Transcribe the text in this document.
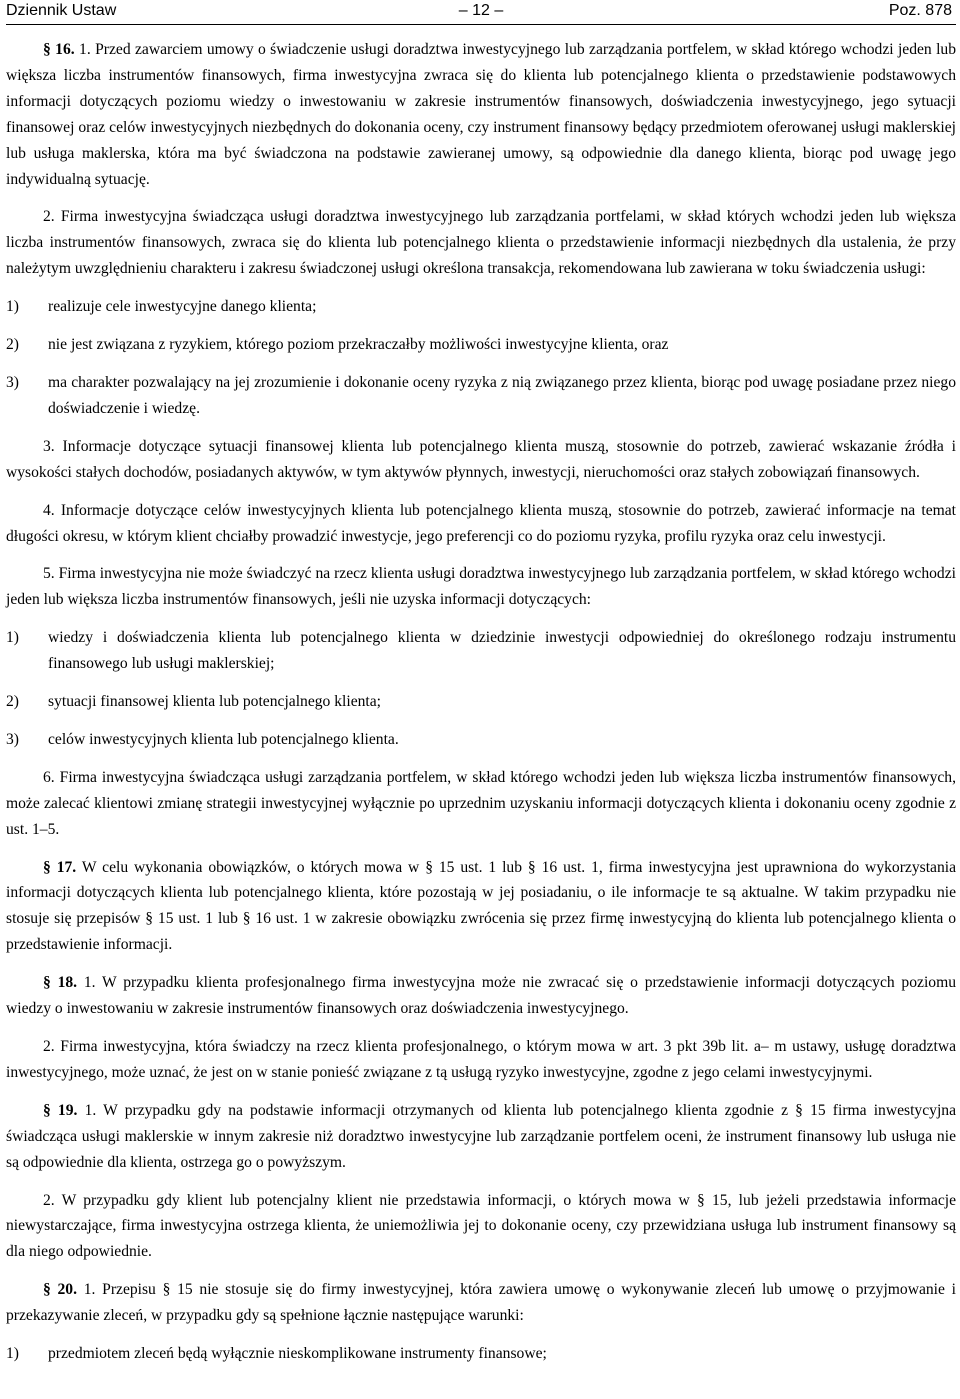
Dziennik Ustaw	– 12 –	Poz. 878

§ 16. 1. Przed zawarciem umowy o świadczenie usługi doradztwa inwestycyjnego lub zarządzania portfelem, w skład którego wchodzi jeden lub większa liczba instrumentów finansowych, firma inwestycyjna zwraca się do klienta lub potencjalnego klienta o przedstawienie podstawowych informacji dotyczących poziomu wiedzy o inwestowaniu w zakresie instrumentów finansowych, doświadczenia inwestycyjnego, jego sytuacji finansowej oraz celów inwestycyjnych niezbędnych do dokonania oceny, czy instrument finansowy będący przedmiotem oferowanej usługi maklerskiej lub usługa maklerska, która ma być świadczona na podstawie zawieranej umowy, są odpowiednie dla danego klienta, biorąc pod uwagę jego indywidualną sytuację.

2. Firma inwestycyjna świadcząca usługi doradztwa inwestycyjnego lub zarządzania portfelami, w skład których wchodzi jeden lub większa liczba instrumentów finansowych, zwraca się do klienta lub potencjalnego klienta o przedstawienie informacji niezbędnych dla ustalenia, że przy należytym uwzględnieniu charakteru i zakresu świadczonej usługi określona transakcja, rekomendowana lub zawierana w toku świadczenia usługi:

1)	realizuje cele inwestycyjne danego klienta;
2)	nie jest związana z ryzykiem, którego poziom przekraczałby możliwości inwestycyjne klienta, oraz
3)	ma charakter pozwalający na jej zrozumienie i dokonanie oceny ryzyka z nią związanego przez klienta, biorąc pod uwagę posiadane przez niego doświadczenie i wiedzę.

3. Informacje dotyczące sytuacji finansowej klienta lub potencjalnego klienta muszą, stosownie do potrzeb, zawierać wskazanie źródła i wysokości stałych dochodów, posiadanych aktywów, w tym aktywów płynnych, inwestycji, nieruchomości oraz stałych zobowiązań finansowych.

4. Informacje dotyczące celów inwestycyjnych klienta lub potencjalnego klienta muszą, stosownie do potrzeb, zawierać informacje na temat długości okresu, w którym klient chciałby prowadzić inwestycje, jego preferencji co do poziomu ryzyka, profilu ryzyka oraz celu inwestycji.

5. Firma inwestycyjna nie może świadczyć na rzecz klienta usługi doradztwa inwestycyjnego lub zarządzania portfelem, w skład którego wchodzi jeden lub większa liczba instrumentów finansowych, jeśli nie uzyska informacji dotyczących:

1)	wiedzy i doświadczenia klienta lub potencjalnego klienta w dziedzinie inwestycji odpowiedniej do określonego rodzaju instrumentu finansowego lub usługi maklerskiej;
2)	sytuacji finansowej klienta lub potencjalnego klienta;
3)	celów inwestycyjnych klienta lub potencjalnego klienta.

6. Firma inwestycyjna świadcząca usługi zarządzania portfelem, w skład którego wchodzi jeden lub większa liczba instrumentów finansowych, może zalecać klientowi zmianę strategii inwestycyjnej wyłącznie po uprzednim uzyskaniu informacji dotyczących klienta i dokonaniu oceny zgodnie z ust. 1–5.

§ 17. W celu wykonania obowiązków, o których mowa w § 15 ust. 1 lub § 16 ust. 1, firma inwestycyjna jest uprawniona do wykorzystania informacji dotyczących klienta lub potencjalnego klienta, które pozostają w jej posiadaniu, o ile informacje te są aktualne. W takim przypadku nie stosuje się przepisów § 15 ust. 1 lub § 16 ust. 1 w zakresie obowiązku zwrócenia się przez firmę inwestycyjną do klienta lub potencjalnego klienta o przedstawienie informacji.

§ 18. 1. W przypadku klienta profesjonalnego firma inwestycyjna może nie zwracać się o przedstawienie informacji dotyczących poziomu wiedzy o inwestowaniu w zakresie instrumentów finansowych oraz doświadczenia inwestycyjnego.

2. Firma inwestycyjna, która świadczy na rzecz klienta profesjonalnego, o którym mowa w art. 3 pkt 39b lit. a– m ustawy, usługę doradztwa inwestycyjnego, może uznać, że jest on w stanie ponieść związane z tą usługą ryzyko inwestycyjne, zgodne z jego celami inwestycyjnymi.

§ 19. 1. W przypadku gdy na podstawie informacji otrzymanych od klienta lub potencjalnego klienta zgodnie z § 15 firma inwestycyjna świadcząca usługi maklerskie w innym zakresie niż doradztwo inwestycyjne lub zarządzanie portfelem oceni, że instrument finansowy lub usługa nie są odpowiednie dla klienta, ostrzega go o powyższym.

2. W przypadku gdy klient lub potencjalny klient nie przedstawia informacji, o których mowa w § 15, lub jeżeli przedstawia informacje niewystarczające, firma inwestycyjna ostrzega klienta, że uniemożliwia jej to dokonanie oceny, czy przewidziana usługa lub instrument finansowy są dla niego odpowiednie.

§ 20. 1. Przepisu § 15 nie stosuje się do firmy inwestycyjnej, która zawiera umowę o wykonywanie zleceń lub umowę o przyjmowanie i przekazywanie zleceń, w przypadku gdy są spełnione łącznie następujące warunki:

1)	przedmiotem zleceń będą wyłącznie nieskomplikowane instrumenty finansowe;
